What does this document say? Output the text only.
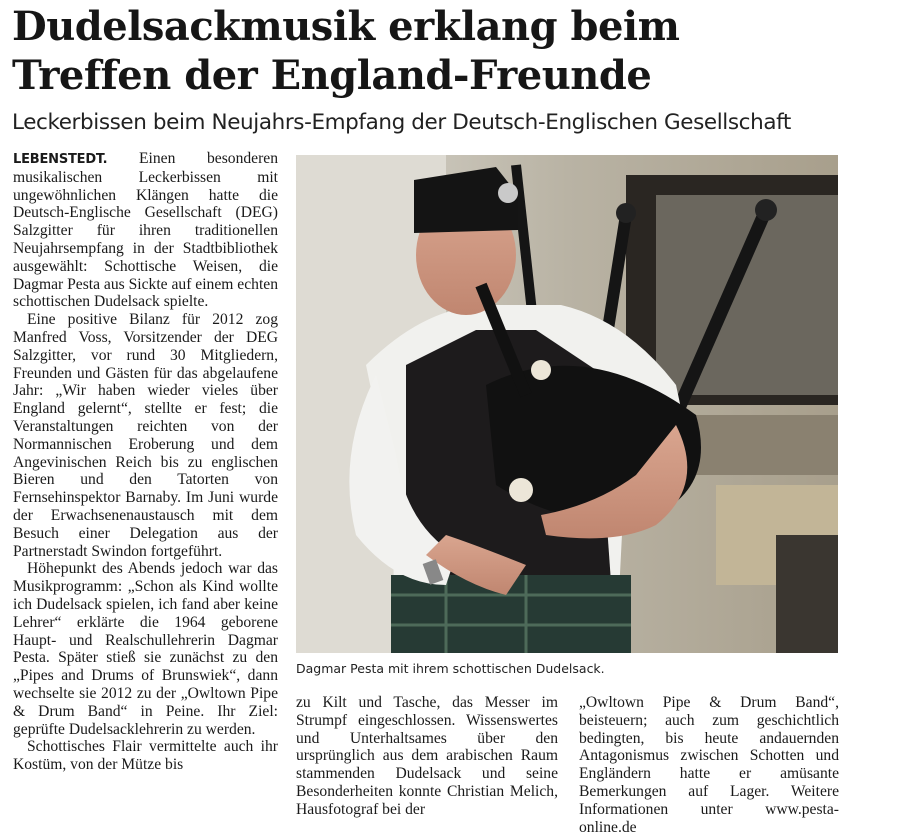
Dudelsackmusik erklang beim
Treffen der England-Freunde
Leckerbissen beim Neujahrs-Empfang der Deutsch-Englischen Gesellschaft

LEBENSTEDT. Einen besonderen musikalischen Leckerbissen mit ungewöhnlichen Klängen hatte die Deutsch-Englische Gesellschaft (DEG) Salzgitter für ihren traditionellen Neujahrsempfang in der Stadtbibliothek ausgewählt: Schottische Weisen, die Dagmar Pesta aus Sickte auf einem echten schottischen Dudelsack spielte.

Eine positive Bilanz für 2012 zog Manfred Voss, Vorsitzender der DEG Salzgitter, vor rund 30 Mitgliedern, Freunden und Gästen für das abgelaufene Jahr: „Wir haben wieder vieles über England gelernt“, stellte er fest; die Veranstaltungen reichten von der Normannischen Eroberung und dem Angevinischen Reich bis zu englischen Bieren und den Tatorten von Fernsehinspektor Barnaby. Im Juni wurde der Erwachsenenaustausch mit dem Besuch einer Delegation aus der Partnerstadt Swindon fortgeführt.

Höhepunkt des Abends jedoch war das Musikprogramm: „Schon als Kind wollte ich Dudelsack spielen, ich fand aber keine Lehrer“ erklärte die 1964 geborene Haupt- und Realschullehrerin Dagmar Pesta. Später stieß sie zunächst zu den „Pipes and Drums of Brunswiek“, dann wechselte sie 2012 zu der „Owltown Pipe & Drum Band“ in Peine. Ihr Ziel: geprüfte Dudelsacklehrerin zu werden.

Schottisches Flair vermittelte auch ihr Kostüm, von der Mütze bis

Dagmar Pesta mit ihrem schottischen Dudelsack.

zu Kilt und Tasche, das Messer im Strumpf eingeschlossen. Wissenswertes und Unterhaltsames über den ursprünglich aus dem arabischen Raum stammenden Dudelsack und seine Besonderheiten konnte Christian Melich, Hausfotograf bei der

„Owltown Pipe & Drum Band“, beisteuern; auch zum geschichtlich bedingten, bis heute andauernden Antagonismus zwischen Schotten und Engländern hatte er amüsante Bemerkungen auf Lager. Weitere Informationen unter www.pesta-online.de
